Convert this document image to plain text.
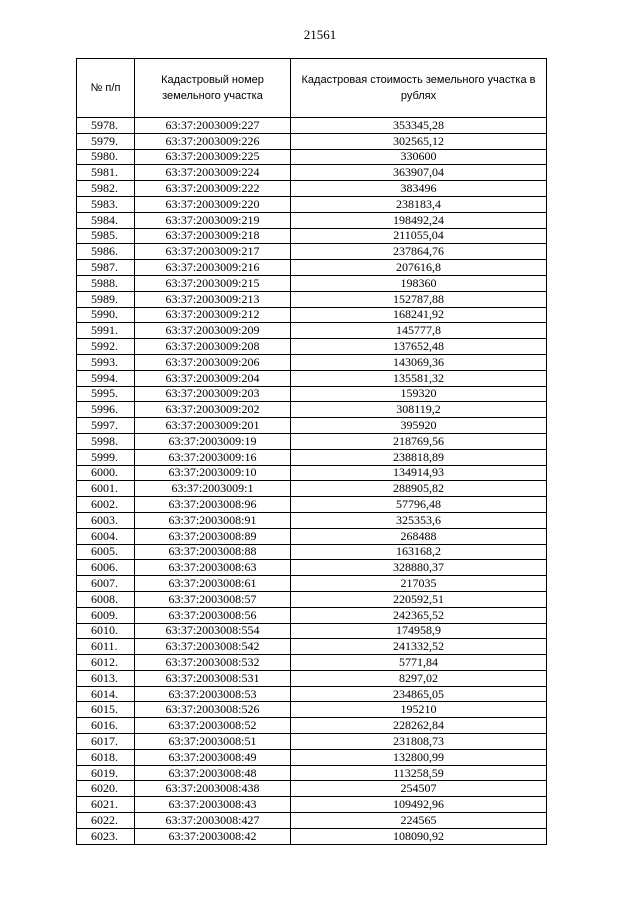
21561
№ п/п	Кадастровый номер земельного участка	Кадастровая стоимость земельного участка в рублях
5978.	63:37:2003009:227	353345,28
5979.	63:37:2003009:226	302565,12
5980.	63:37:2003009:225	330600
5981.	63:37:2003009:224	363907,04
5982.	63:37:2003009:222	383496
5983.	63:37:2003009:220	238183,4
5984.	63:37:2003009:219	198492,24
5985.	63:37:2003009:218	211055,04
5986.	63:37:2003009:217	237864,76
5987.	63:37:2003009:216	207616,8
5988.	63:37:2003009:215	198360
5989.	63:37:2003009:213	152787,88
5990.	63:37:2003009:212	168241,92
5991.	63:37:2003009:209	145777,8
5992.	63:37:2003009:208	137652,48
5993.	63:37:2003009:206	143069,36
5994.	63:37:2003009:204	135581,32
5995.	63:37:2003009:203	159320
5996.	63:37:2003009:202	308119,2
5997.	63:37:2003009:201	395920
5998.	63:37:2003009:19	218769,56
5999.	63:37:2003009:16	238818,89
6000.	63:37:2003009:10	134914,93
6001.	63:37:2003009:1	288905,82
6002.	63:37:2003008:96	57796,48
6003.	63:37:2003008:91	325353,6
6004.	63:37:2003008:89	268488
6005.	63:37:2003008:88	163168,2
6006.	63:37:2003008:63	328880,37
6007.	63:37:2003008:61	217035
6008.	63:37:2003008:57	220592,51
6009.	63:37:2003008:56	242365,52
6010.	63:37:2003008:554	174958,9
6011.	63:37:2003008:542	241332,52
6012.	63:37:2003008:532	5771,84
6013.	63:37:2003008:531	8297,02
6014.	63:37:2003008:53	234865,05
6015.	63:37:2003008:526	195210
6016.	63:37:2003008:52	228262,84
6017.	63:37:2003008:51	231808,73
6018.	63:37:2003008:49	132800,99
6019.	63:37:2003008:48	113258,59
6020.	63:37:2003008:438	254507
6021.	63:37:2003008:43	109492,96
6022.	63:37:2003008:427	224565
6023.	63:37:2003008:42	108090,92
